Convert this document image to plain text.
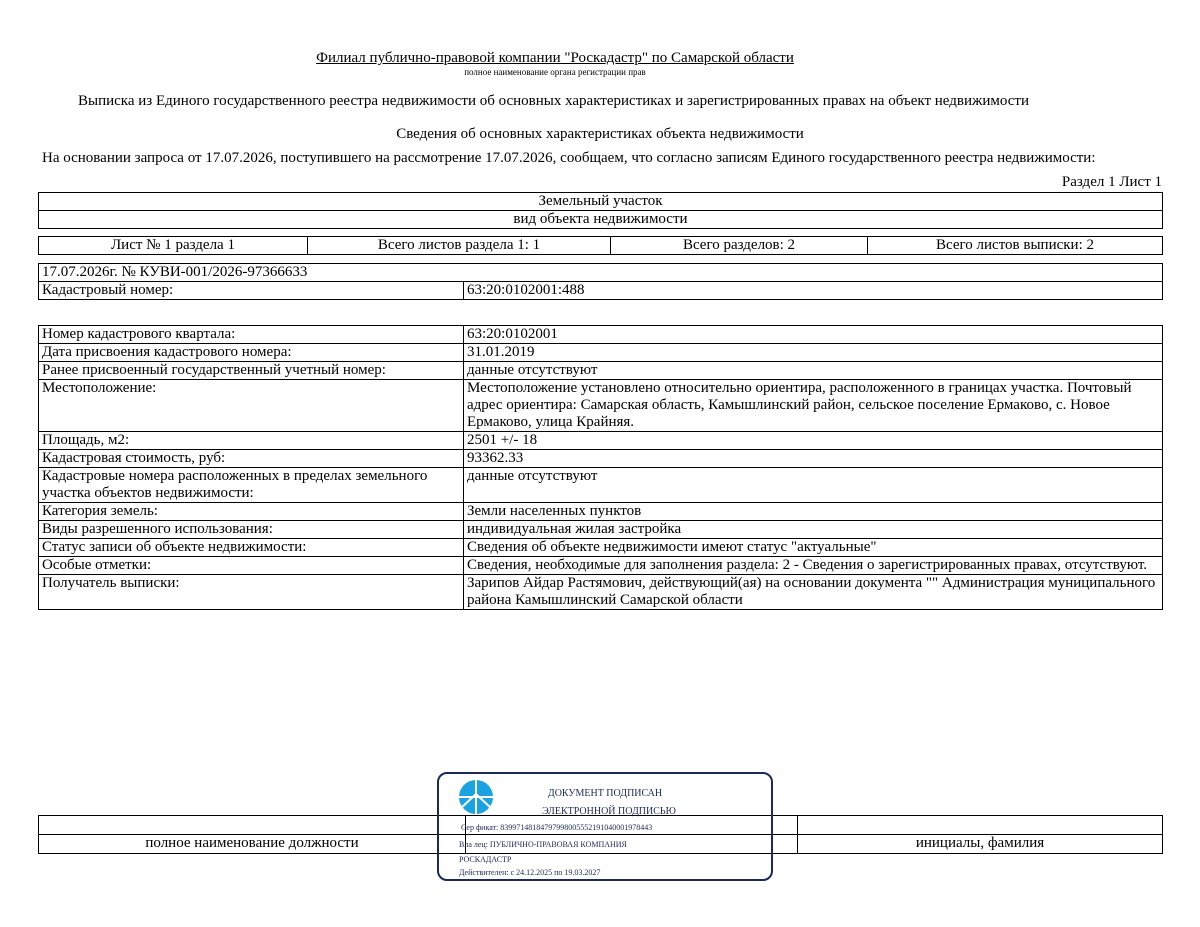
Филиал публично-правовой компании "Роскадастр" по Самарской области
полное наименование органа регистрации прав
Выписка из Единого государственного реестра недвижимости об основных характеристиках и зарегистрированных правах на объект недвижимости
Сведения об основных характеристиках объекта недвижимости
На основании запроса от 17.07.2026, поступившего на рассмотрение 17.07.2026, сообщаем, что согласно записям Единого государственного реестра недвижимости:
Раздел 1 Лист 1
Земельный участок
вид объекта недвижимости
Лист № 1 раздела 1	Всего листов раздела 1: 1	Всего разделов: 2	Всего листов выписки: 2
17.07.2026г. № КУВИ-001/2026-97366633
Кадастровый номер:	63:20:0102001:488
Номер кадастрового квартала:	63:20:0102001
Дата присвоения кадастрового номера:	31.01.2019
Ранее присвоенный государственный учетный номер:	данные отсутствуют
Местоположение:	Местоположение установлено относительно ориентира, расположенного в границах участка. Почтовый адрес ориентира: Самарская область, Камышлинский район, сельское поселение Ермаково, с. Новое Ермаково, улица Крайняя.
Площадь, м2:	2501 +/- 18
Кадастровая стоимость, руб:	93362.33
Кадастровые номера расположенных в пределах земельного участка объектов недвижимости:	данные отсутствуют
Категория земель:	Земли населенных пунктов
Виды разрешенного использования:	индивидуальная жилая застройка
Статус записи об объекте недвижимости:	Сведения об объекте недвижимости имеют статус "актуальные"
Особые отметки:	Сведения, необходимые для заполнения раздела: 2 - Сведения о зарегистрированных правах, отсутствуют.
Получатель выписки:	Зарипов Айдар Растямович, действующий(ая) на основании документа "" Администрация муниципального района Камышлинский Самарской области

полное наименование должности		инициалы, фамилия
ДОКУМЕНТ ПОДПИСАН
ЭЛЕКТРОННОЙ ПОДПИСЬЮ
Сер фикат: 83997148184797998005552191040001978443
Вла лец: ПУБЛИЧНО-ПРАВОВАЯ КОМПАНИЯ
РОСКАДАСТР
Действителен: с 24.12.2025 по 19.03.2027
